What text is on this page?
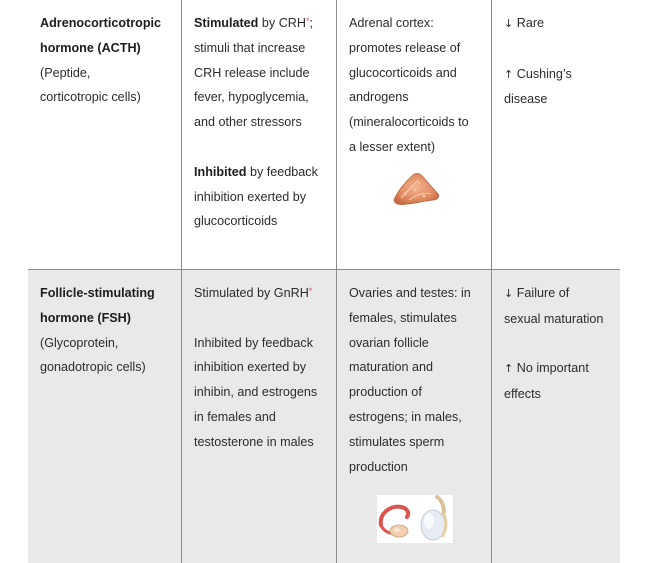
Adrenocorticotropic
hormone (ACTH)
(Peptide,
corticotropic cells)
Stimulated by CRH*; stimuli that increase CRH release include fever, hypoglycemia, and other stressors
Inhibited by feedback inhibition exerted by glucocorticoids
Adrenal cortex: promotes release of glucocorticoids and androgens (mineralocorticoids to a lesser extent)
↓ Rare
↑ Cushing’s disease
Follicle-stimulating
hormone (FSH)
(Glycoprotein,
gonadotropic cells)
Stimulated by GnRH*
Inhibited by feedback inhibition exerted by inhibin, and estrogens in females and testosterone in males
Ovaries and testes: in females, stimulates ovarian follicle maturation and production of estrogens; in males, stimulates sperm production
↓ Failure of sexual maturation
↑ No important effects
